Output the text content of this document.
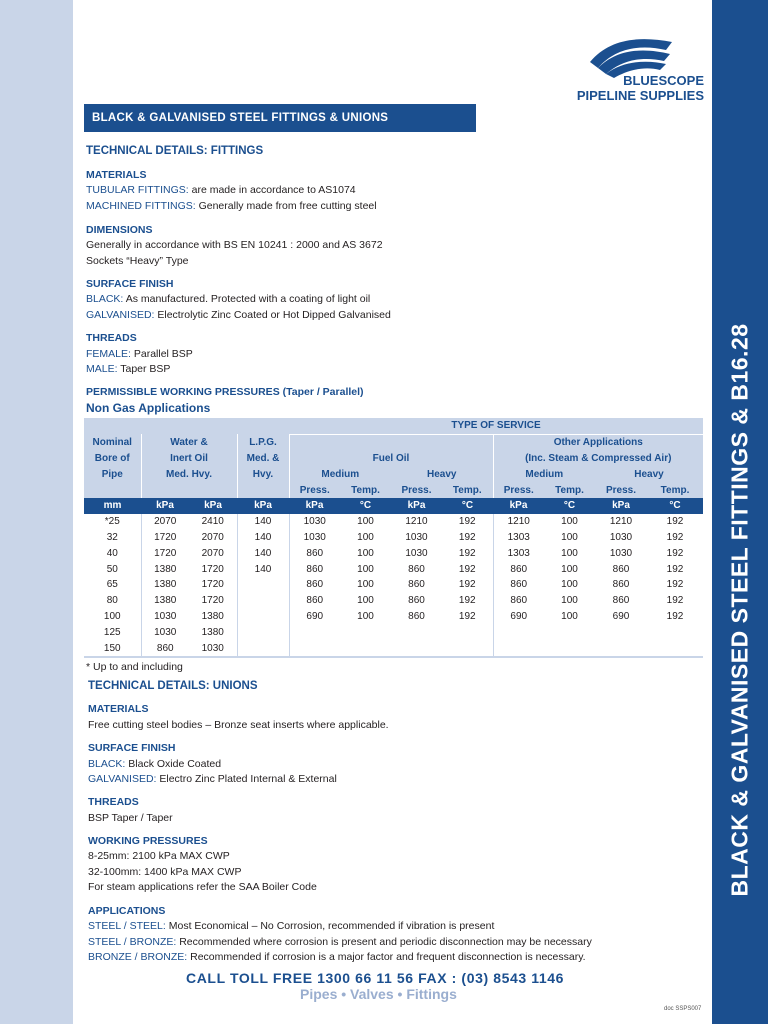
BLACK & GALVANISED STEEL FITTINGS & B16.28
BLUESCOPE
PIPELINE SUPPLIES
BLACK & GALVANISED STEEL FITTINGS & UNIONS
TECHNICAL DETAILS: FITTINGS
MATERIALS
TUBULAR FITTINGS: are made in accordance to AS1074
MACHINED FITTINGS: Generally made from free cutting steel
DIMENSIONS
Generally in accordance with BS EN 10241 : 2000 and AS 3672
Sockets “Heavy” Type
SURFACE FINISH
BLACK: As manufactured. Protected with a coating of light oil
GALVANISED: Electrolytic Zinc Coated or Hot Dipped Galvanised
THREADS
FEMALE: Parallel BSP
MALE: Taper BSP
PERMISSIBLE WORKING PRESSURES (Taper / Parallel)
Non Gas Applications
				TYPE OF SERVICE							
Nominal	Water &		L.P.G.					Other Applications			
Bore of	Inert Oil		Med. &	Fuel Oil				(Inc. Steam & Compressed Air)			
Pipe	Med. Hvy.		Hvy.	Medium		Heavy		Medium		Heavy	
				Press.	Temp.	Press.	Temp.	Press.	Temp.	Press.	Temp.
mm	kPa	kPa	kPa	kPa	°C	kPa	°C	kPa	°C	kPa	°C
*25	2070	2410	140	1030	100	1210	192	1210	100	1210	192
32	1720	2070	140	1030	100	1030	192	1303	100	1030	192
40	1720	2070	140	860	100	1030	192	1303	100	1030	192
50	1380	1720	140	860	100	860	192	860	100	860	192
65	1380	1720		860	100	860	192	860	100	860	192
80	1380	1720		860	100	860	192	860	100	860	192
100	1030	1380		690	100	860	192	690	100	690	192
125	1030	1380									
150	860	1030									
* Up to and including
TECHNICAL DETAILS: UNIONS
MATERIALS
Free cutting steel bodies – Bronze seat inserts where applicable.
SURFACE FINISH
BLACK: Black Oxide Coated
GALVANISED: Electro Zinc Plated Internal & External
THREADS
BSP Taper / Taper
WORKING PRESSURES
8-25mm: 2100 kPa MAX CWP
32-100mm: 1400 kPa MAX CWP
For steam applications refer the SAA Boiler Code
APPLICATIONS
STEEL / STEEL: Most Economical – No Corrosion, recommended if vibration is present
STEEL / BRONZE: Recommended where corrosion is present and periodic disconnection may be necessary
BRONZE / BRONZE: Recommended if corrosion is a major factor and frequent disconnection is necessary.
CALL TOLL FREE 1300 66 11 56 FAX : (03) 8543 1146
Pipes • Valves • Fittings
doc SSPS007
